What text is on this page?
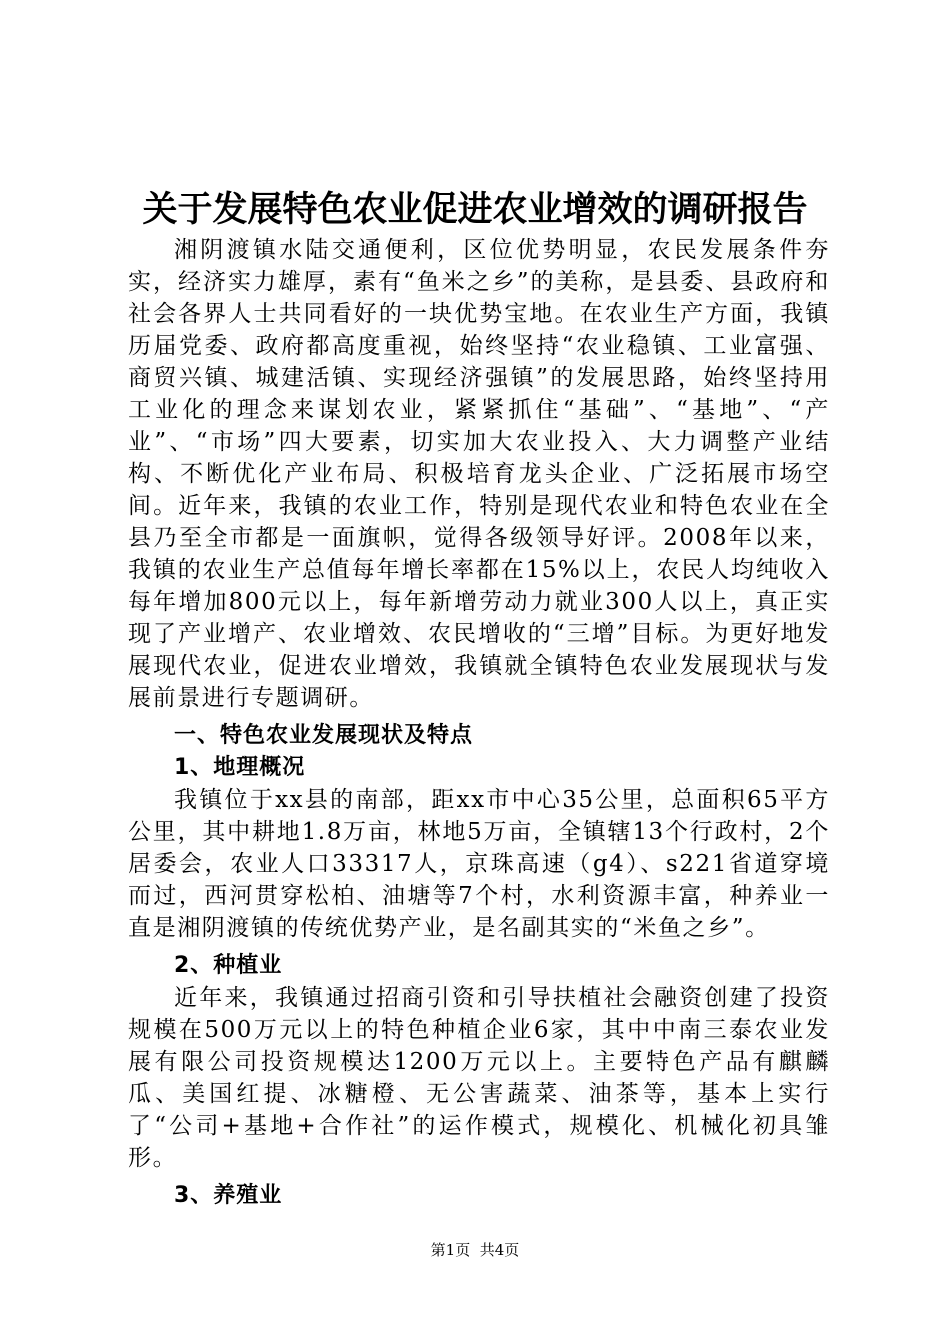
关于发展特色农业促进农业增效的调研报告

湘阴渡镇水陆交通便利，区位优势明显，农民发展条件夯实，经济实力雄厚，素有“鱼米之乡”的美称，是县委、县政府和社会各界人士共同看好的一块优势宝地。在农业生产方面，我镇历届党委、政府都高度重视，始终坚持“农业稳镇、工业富强、商贸兴镇、城建活镇、实现经济强镇”的发展思路，始终坚持用工业化的理念来谋划农业，紧紧抓住“基础”、“基地”、“产业”、“市场”四大要素，切实加大农业投入、大力调整产业结构、不断优化产业布局、积极培育龙头企业、广泛拓展市场空间。近年来，我镇的农业工作，特别是现代农业和特色农业在全县乃至全市都是一面旗帜，觉得各级领导好评。2008年以来，我镇的农业生产总值每年增长率都在15%以上，农民人均纯收入每年增加800元以上，每年新增劳动力就业300人以上，真正实现了产业增产、农业增效、农民增收的“三增”目标。为更好地发展现代农业，促进农业增效，我镇就全镇特色农业发展现状与发展前景进行专题调研。

一、特色农业发展现状及特点

1、地理概况

我镇位于xx县的南部，距xx市中心35公里，总面积65平方公里，其中耕地1.8万亩，林地5万亩，全镇辖13个行政村，2个居委会，农业人口33317人，京珠高速（g4）、s221省道穿境而过，西河贯穿松柏、油塘等7个村，水利资源丰富，种养业一直是湘阴渡镇的传统优势产业，是名副其实的“米鱼之乡”。

2、种植业

近年来，我镇通过招商引资和引导扶植社会融资创建了投资规模在500万元以上的特色种植企业6家，其中中南三泰农业发展有限公司投资规模达1200万元以上。主要特色产品有麒麟瓜、美国红提、冰糖橙、无公害蔬菜、油茶等，基本上实行了“公司+基地+合作社”的运作模式，规模化、机械化初具雏形。

3、养殖业

第1页 共4页
